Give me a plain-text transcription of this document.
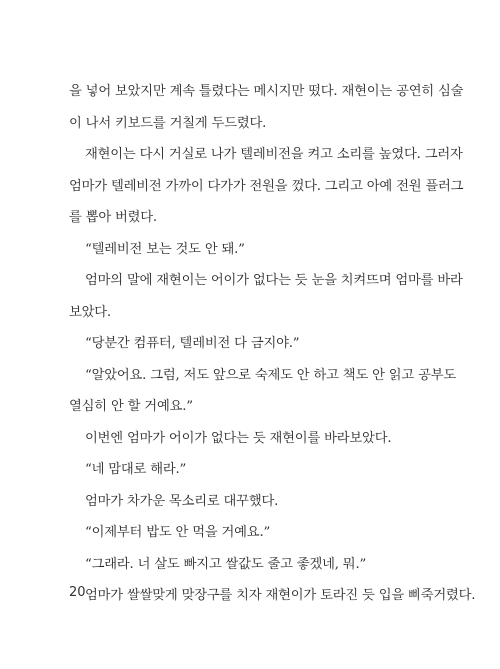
을 넣어 보았지만 계속 틀렸다는 메시지만 떴다. 재현이는 공연히 심술
이 나서 키보드를 거칠게 두드렸다.
재현이는 다시 거실로 나가 텔레비전을 켜고 소리를 높였다. 그러자
엄마가 텔레비전 가까이 다가가 전원을 껐다. 그리고 아예 전원 플러그
를 뽑아 버렸다.
“텔레비전 보는 것도 안 돼.”
엄마의 말에 재현이는 어이가 없다는 듯 눈을 치켜뜨며 엄마를 바라
보았다.
“당분간 컴퓨터, 텔레비전 다 금지야.”
“알았어요. 그럼, 저도 앞으로 숙제도 안 하고 책도 안 읽고 공부도
열심히 안 할 거예요.”
이번엔 엄마가 어이가 없다는 듯 재현이를 바라보았다.
“네 맘대로 해라.”
엄마가 차가운 목소리로 대꾸했다.
“이제부터 밥도 안 먹을 거예요.”
“그래라. 너 살도 빠지고 쌀값도 줄고 좋겠네, 뭐.”
엄마가 쌀쌀맞게 맞장구를 치자 재현이가 토라진 듯 입을 삐죽거렸다.
20
